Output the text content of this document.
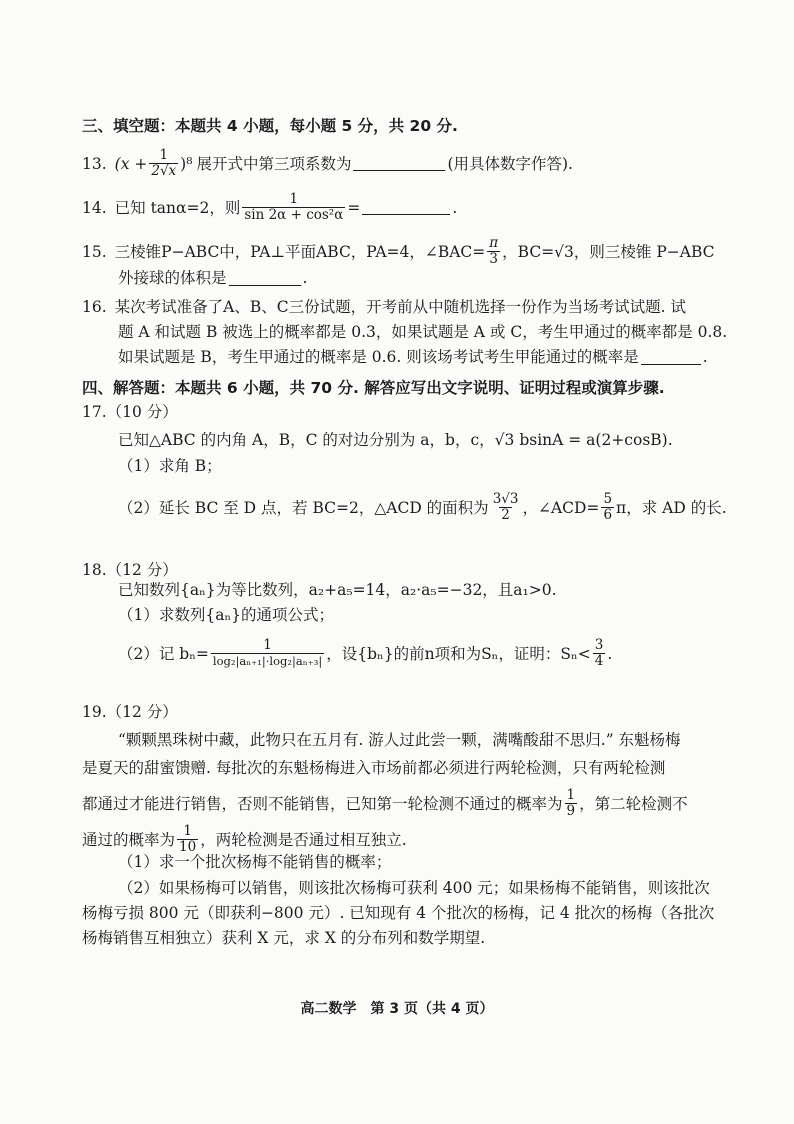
三、填空题：本题共 4 小题，每小题 5 分，共 20 分.
13. $(x + \frac{1}{2√x} )^8$ 展开式中第三项系数为	(用具体数字作答).
14. 已知 tanα=2，则 $\frac{1}{\text{sin 2α + cos²α}}$ =	.
15. 三棱锥P−ABC中，PA⊥平面ABC，PA=4，∠BAC= $\frac{\pi}{3}$ ，BC=√3，则三棱锥 P−ABC
外接球的体积是	.
16. 某次考试准备了A、B、C三份试题，开考前从中随机选择一份作为当场考试试题. 试
题 A 和试题 B 被选上的概率都是 0.3，如果试题是 A 或 C，考生甲通过的概率都是 0.8.
如果试题是 B，考生甲通过的概率是 0.6. 则该场考试考生甲能通过的概率是	.
四、解答题：本题共 6 小题，共 70 分. 解答应写出文字说明、证明过程或演算步骤.
17.（10 分）
已知△ABC 的内角 A，B，C 的对边分别为 a，b，c，√3 bsinA = a(2+cosB).
（1）求角 B；
（2）延长 BC 至 D 点，若 BC=2，△ACD 的面积为 $\frac{3√3}{2}$ ，∠ACD= $\frac{5}{6}$ π，求 AD 的长.
18.（12 分）
已知数列{aₙ}为等比数列，a₂+a₅=14，a₂·a₅=−32，且a₁>0.
（1）求数列{aₙ}的通项公式；
（2）记 $b_n= \frac{1}{\text{log₂|aₙ₊₁|·log₂|aₙ₊₃|}}$ ，设{bₙ}的前n项和为Sₙ，证明：$S_n< \frac{3}{4}$ .
19.（12 分）
“颗颗黑珠树中藏，此物只在五月有. 游人过此尝一颗，满嘴酸甜不思归.” 东魁杨梅
是夏天的甜蜜馈赠. 每批次的东魁杨梅进入市场前都必须进行两轮检测，只有两轮检测
都通过才能进行销售，否则不能销售，已知第一轮检测不通过的概率为 $\frac{1}{9}$ ，第二轮检测不
通过的概率为 $\frac{1}{10}$ ，两轮检测是否通过相互独立.
（1）求一个批次杨梅不能销售的概率；
（2）如果杨梅可以销售，则该批次杨梅可获利 400 元；如果杨梅不能销售，则该批次
杨梅亏损 800 元（即获利−800 元）. 已知现有 4 个批次的杨梅，记 4 批次的杨梅（各批次
杨梅销售互相独立）获利 X 元，求 X 的分布列和数学期望.
高二数学　第 3 页（共 4 页）
